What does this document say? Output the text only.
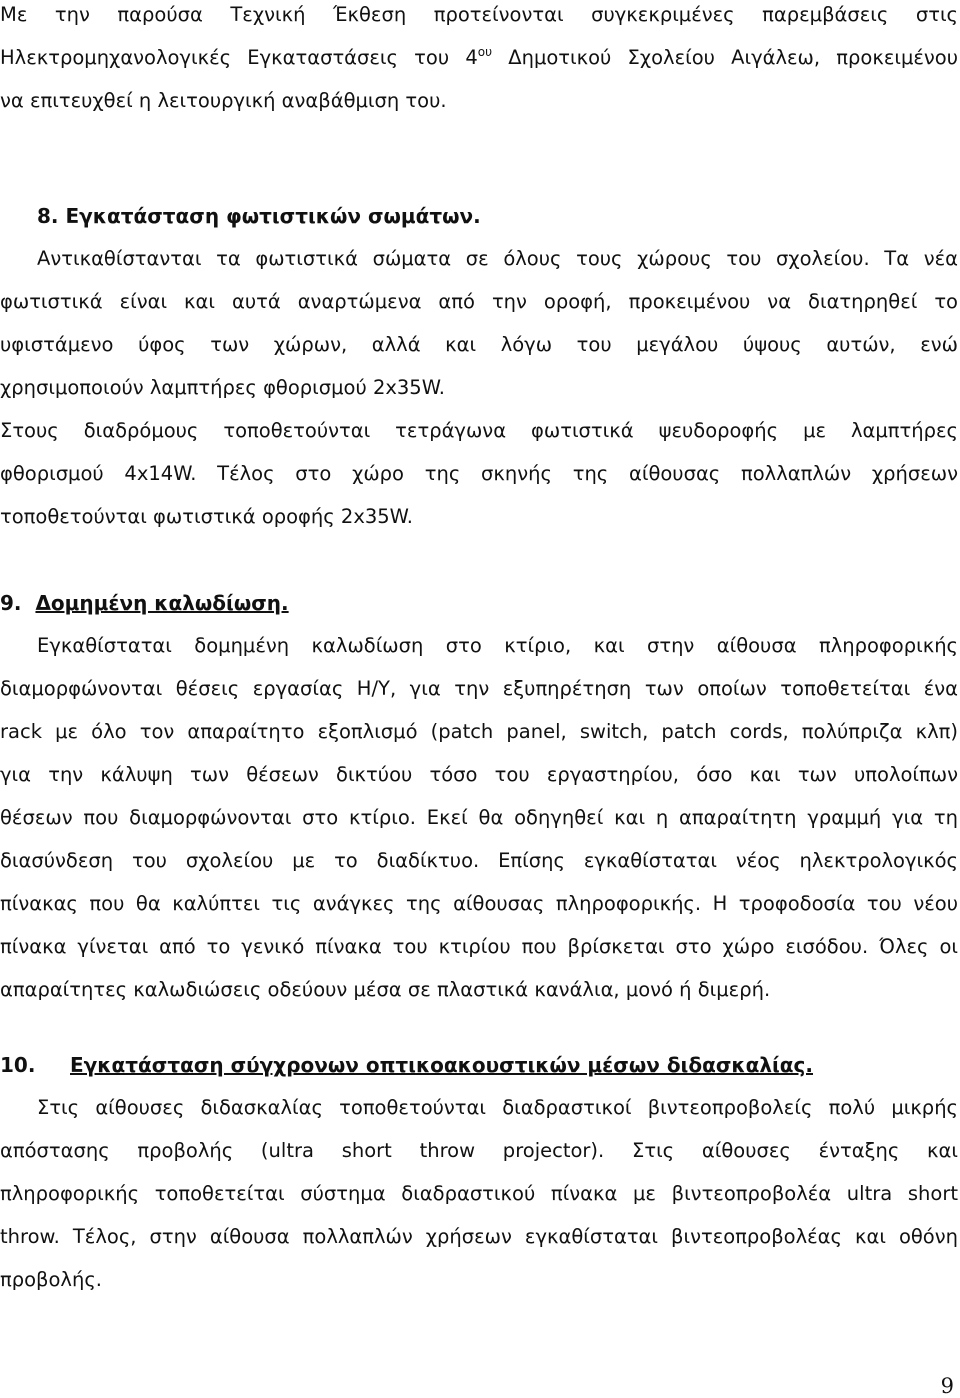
Με την παρούσα Τεχνική Έκθεση προτείνονται συγκεκριμένες παρεμβάσεις στις
Ηλεκτρομηχανολογικές Εγκαταστάσεις του $4^{o\upsilon}$ Δημοτικού Σχολείου Αιγάλεω, προκειμένου
να επιτευχθεί η λειτουργική αναβάθμιση του.
8. Εγκατάσταση φωτιστικών σωμάτων.
Αντικαθίστανται τα φωτιστικά σώματα σε όλους τους χώρους του σχολείου. Τα νέα
φωτιστικά είναι και αυτά αναρτώμενα από την οροφή, προκειμένου να διατηρηθεί το
υφιστάμενο ύφος των χώρων, αλλά και λόγω του μεγάλου ύψους αυτών, ενώ
χρησιμοποιούν λαμπτήρες φθορισμού 2x35W.
Στους διαδρόμους τοποθετούνται τετράγωνα φωτιστικά ψευδοροφής με λαμπτήρες
φθορισμού 4x14W. Τέλος στο χώρο της σκηνής της αίθουσας πολλαπλών χρήσεων
τοποθετούνται φωτιστικά οροφής 2x35W.
9. Δομημένη καλωδίωση.
Εγκαθίσταται δομημένη καλωδίωση στο κτίριο, και στην αίθουσα πληροφορικής
διαμορφώνονται θέσεις εργασίας Η/Υ, για την εξυπηρέτηση των οποίων τοποθετείται ένα
rack με όλο τον απαραίτητο εξοπλισμό (patch panel, switch, patch cords, πολύπριζα κλπ)
για την κάλυψη των θέσεων δικτύου τόσο του εργαστηρίου, όσο και των υπολοίπων
θέσεων που διαμορφώνονται στο κτίριο. Εκεί θα οδηγηθεί και η απαραίτητη γραμμή για τη
διασύνδεση του σχολείου με το διαδίκτυο. Επίσης εγκαθίσταται νέος ηλεκτρολογικός
πίνακας που θα καλύπτει τις ανάγκες της αίθουσας πληροφορικής. Η τροφοδοσία του νέου
πίνακα γίνεται από το γενικό πίνακα του κτιρίου που βρίσκεται στο χώρο εισόδου. Όλες οι
απαραίτητες καλωδιώσεις οδεύουν μέσα σε πλαστικά κανάλια, μονό ή διμερή.
10. Εγκατάσταση σύγχρονων οπτικοακουστικών μέσων διδασκαλίας.
Στις αίθουσες διδασκαλίας τοποθετούνται διαδραστικοί βιντεοπροβολείς πολύ μικρής
απόστασης προβολής (ultra short throw projector). Στις αίθουσες ένταξης και
πληροφορικής τοποθετείται σύστημα διαδραστικού πίνακα με βιντεοπροβολέα ultra short
throw. Τέλος, στην αίθουσα πολλαπλών χρήσεων εγκαθίσταται βιντεοπροβολέας και οθόνη
προβολής.
9
